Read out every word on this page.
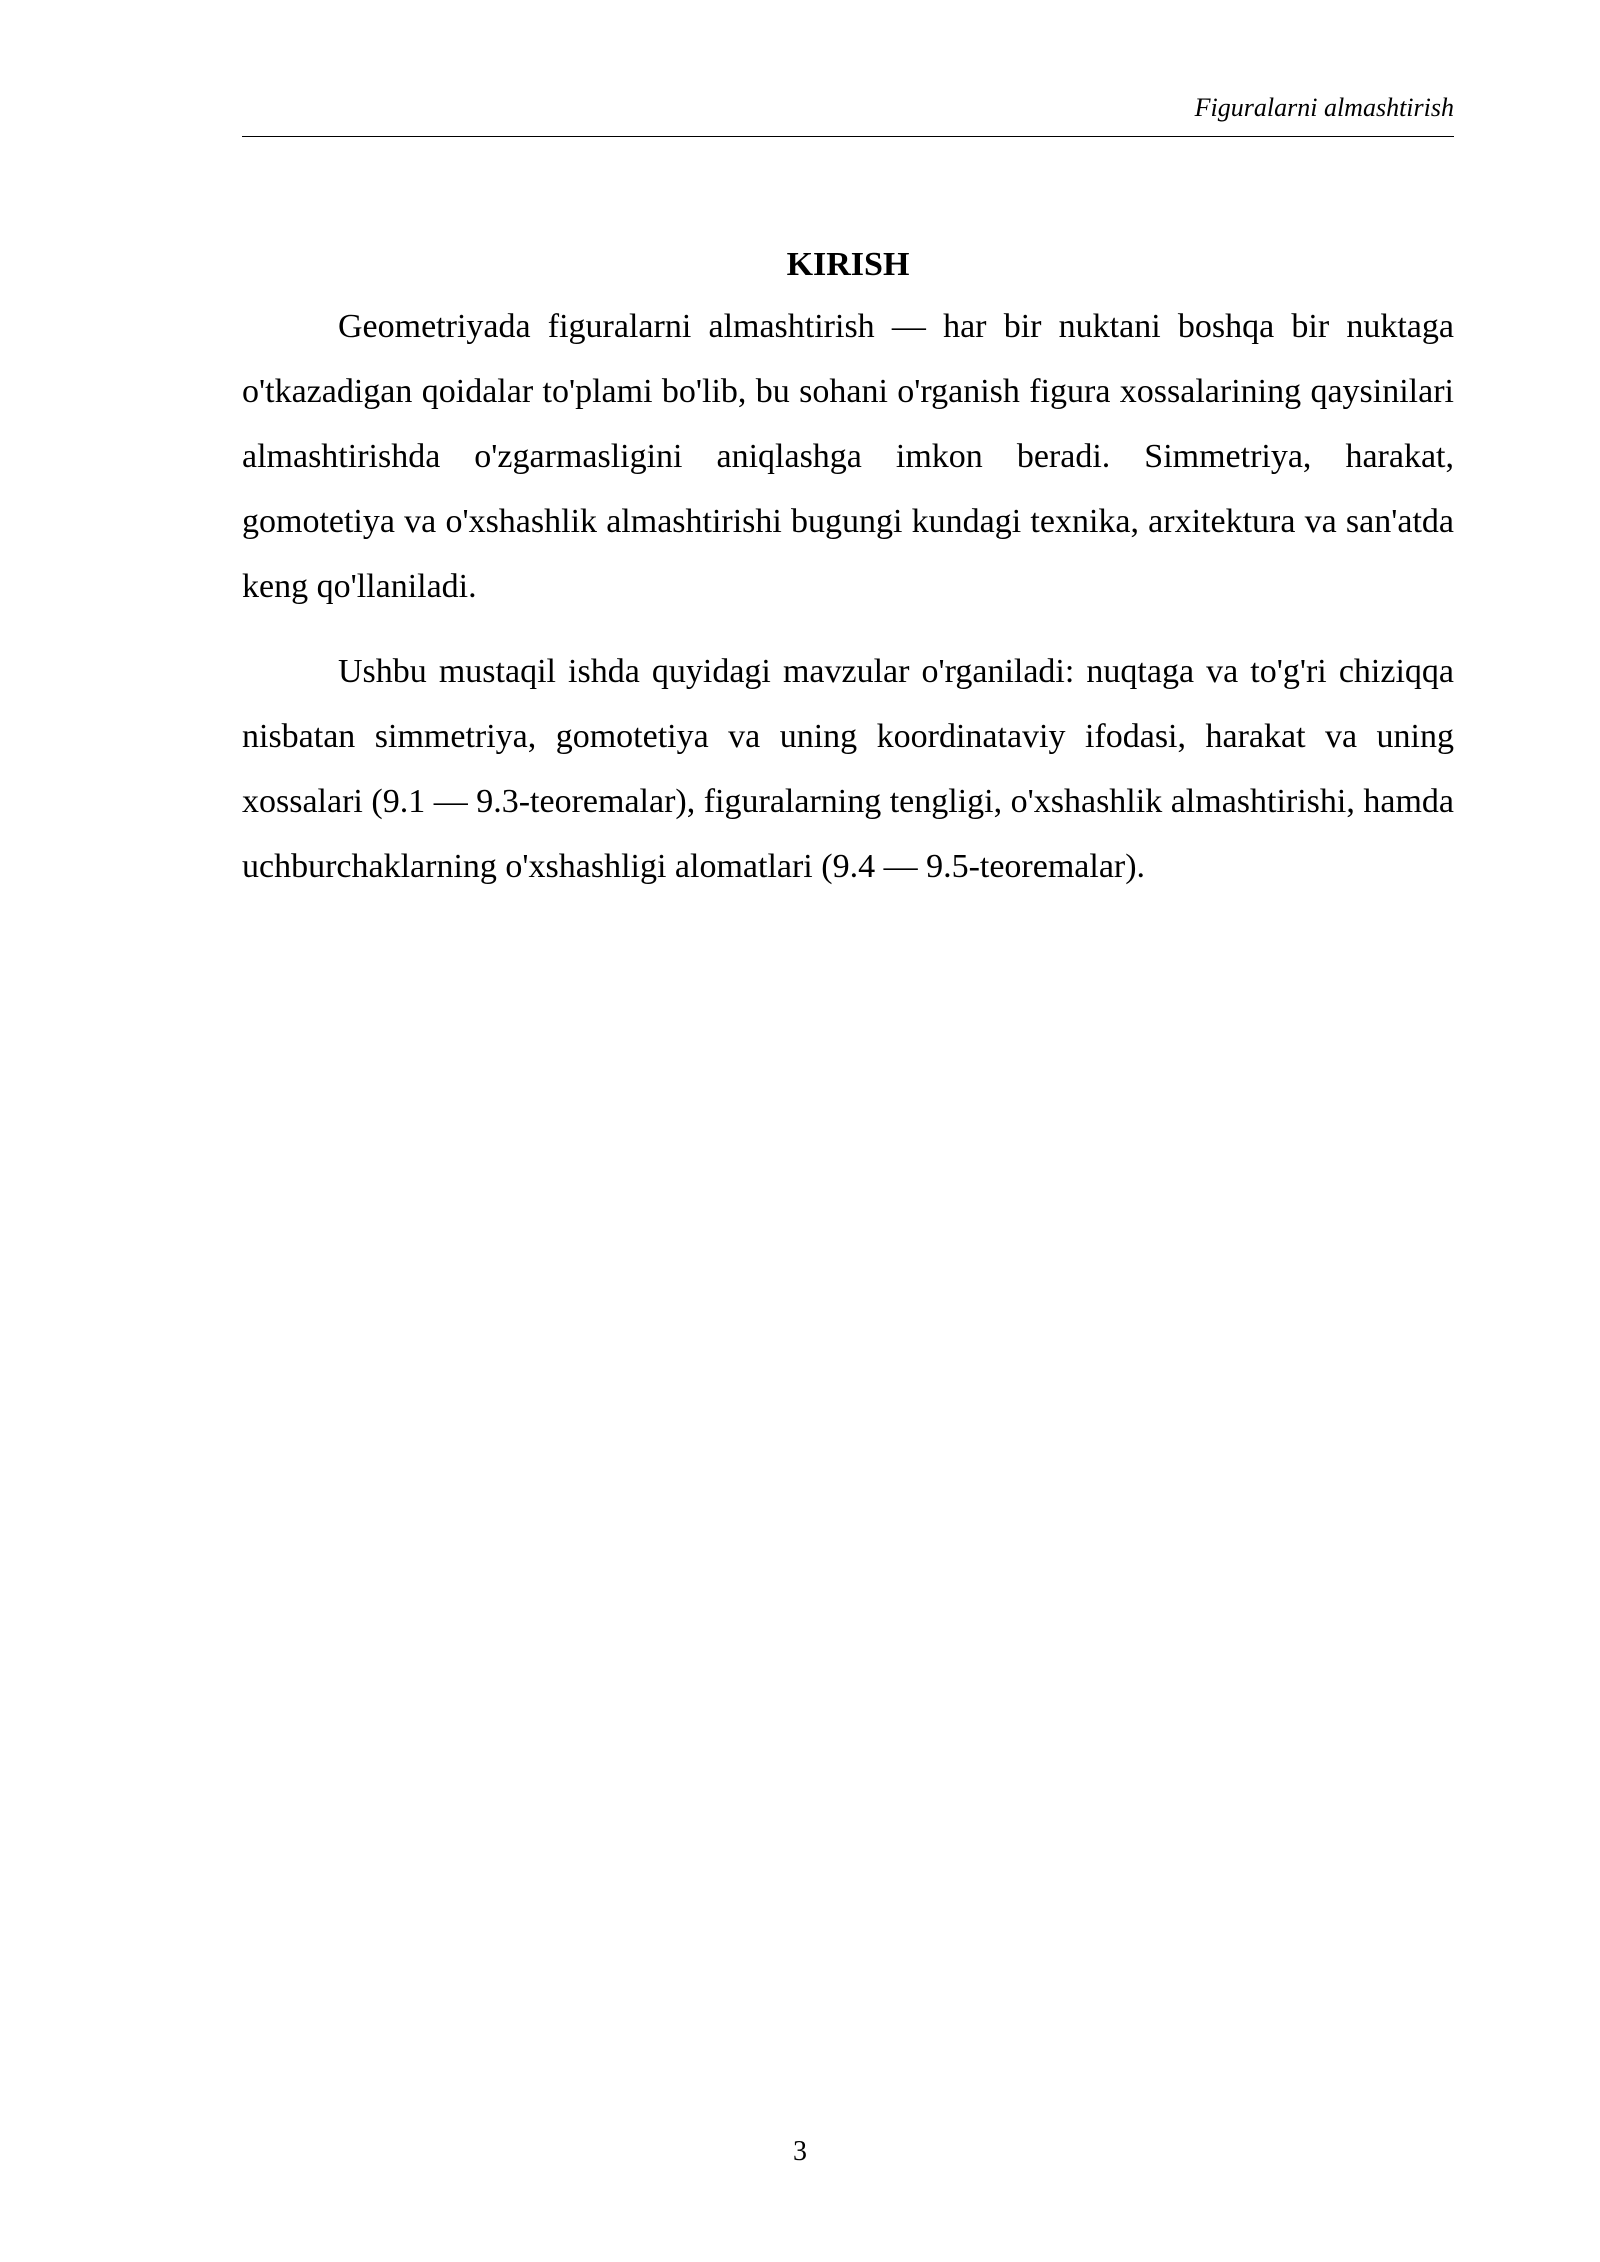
Figuralarni almashtirish
KIRISH

Geometriyada figuralarni almashtirish — har bir nuktani boshqa bir nuktaga o'tkazadigan qoidalar to'plami bo'lib, bu sohani o'rganish figura xossalarining qaysinilari almashtirishda o'zgarmasligini aniqlashga imkon beradi. Simmetriya, harakat, gomotetiya va o'xshashlik almashtirishi bugungi kundagi texnika, arxitektura va san'atda keng qo'llaniladi.

Ushbu mustaqil ishda quyidagi mavzular o'rganiladi: nuqtaga va to'g'ri chiziqqa nisbatan simmetriya, gomotetiya va uning koordinataviy ifodasi, harakat va uning xossalari (9.1 — 9.3-teoremalar), figuralarning tengligi, o'xshashlik almashtirishi, hamda uchburchaklarning o'xshashligi alomatlari (9.4 — 9.5-teoremalar).

3
